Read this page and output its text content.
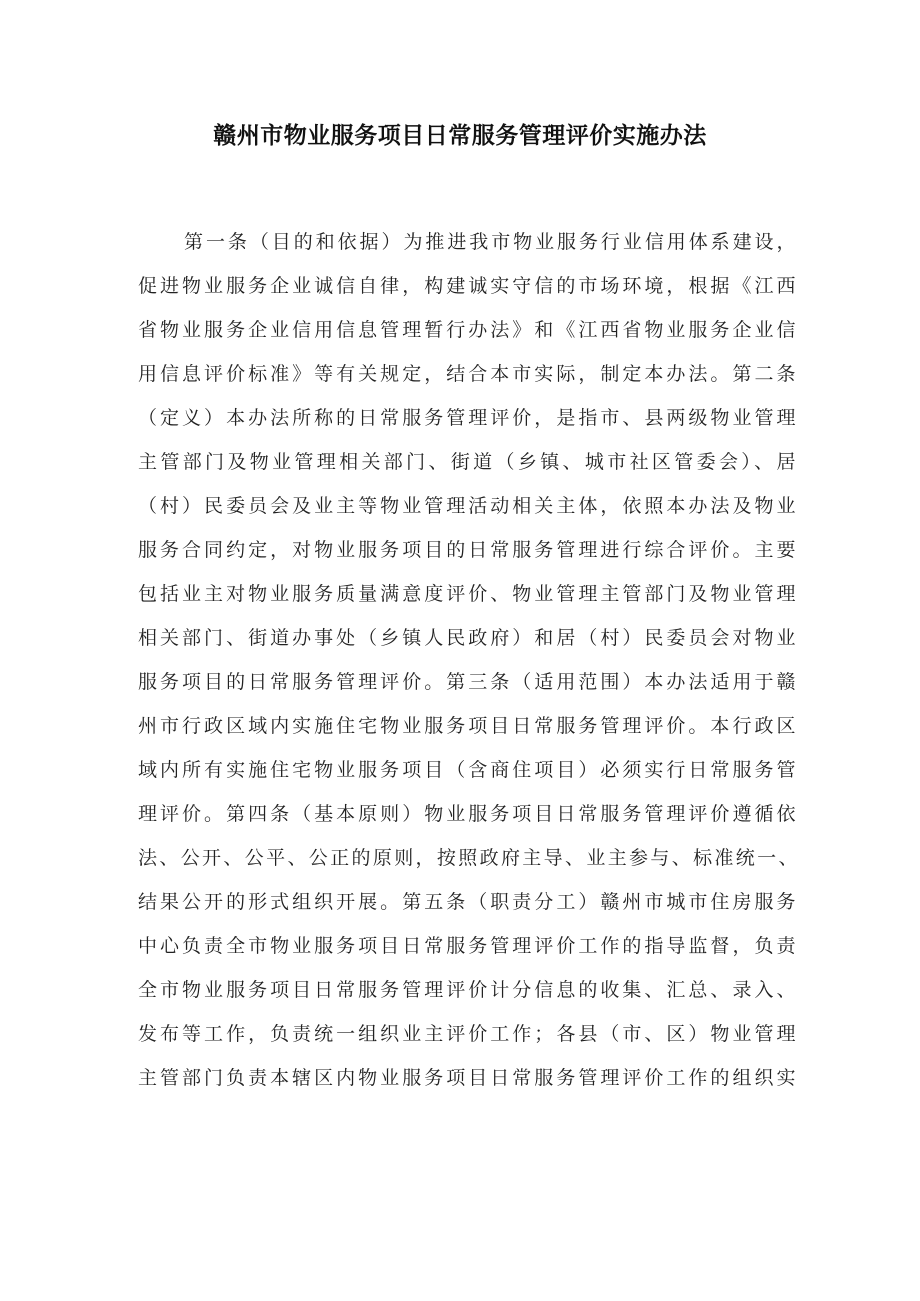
赣州市物业服务项目日常服务管理评价实施办法
第一条（目的和依据）为推进我市物业服务行业信用体系建设，
促进物业服务企业诚信自律，构建诚实守信的市场环境，根据《江西
省物业服务企业信用信息管理暂行办法》和《江西省物业服务企业信
用信息评价标准》等有关规定，结合本市实际，制定本办法。第二条
（定义）本办法所称的日常服务管理评价，是指市、县两级物业管理
主管部门及物业管理相关部门、街道（乡镇、城市社区管委会）、居
（村）民委员会及业主等物业管理活动相关主体，依照本办法及物业
服务合同约定，对物业服务项目的日常服务管理进行综合评价。主要
包括业主对物业服务质量满意度评价、物业管理主管部门及物业管理
相关部门、街道办事处（乡镇人民政府）和居（村）民委员会对物业
服务项目的日常服务管理评价。第三条（适用范围）本办法适用于赣
州市行政区域内实施住宅物业服务项目日常服务管理评价。本行政区
域内所有实施住宅物业服务项目（含商住项目）必须实行日常服务管
理评价。第四条（基本原则）物业服务项目日常服务管理评价遵循依
法、公开、公平、公正的原则，按照政府主导、业主参与、标准统一、
结果公开的形式组织开展。第五条（职责分工）赣州市城市住房服务
中心负责全市物业服务项目日常服务管理评价工作的指导监督，负责
全市物业服务项目日常服务管理评价计分信息的收集、汇总、录入、
发布等工作，负责统一组织业主评价工作；各县（市、区）物业管理
主管部门负责本辖区内物业服务项目日常服务管理评价工作的组织实
